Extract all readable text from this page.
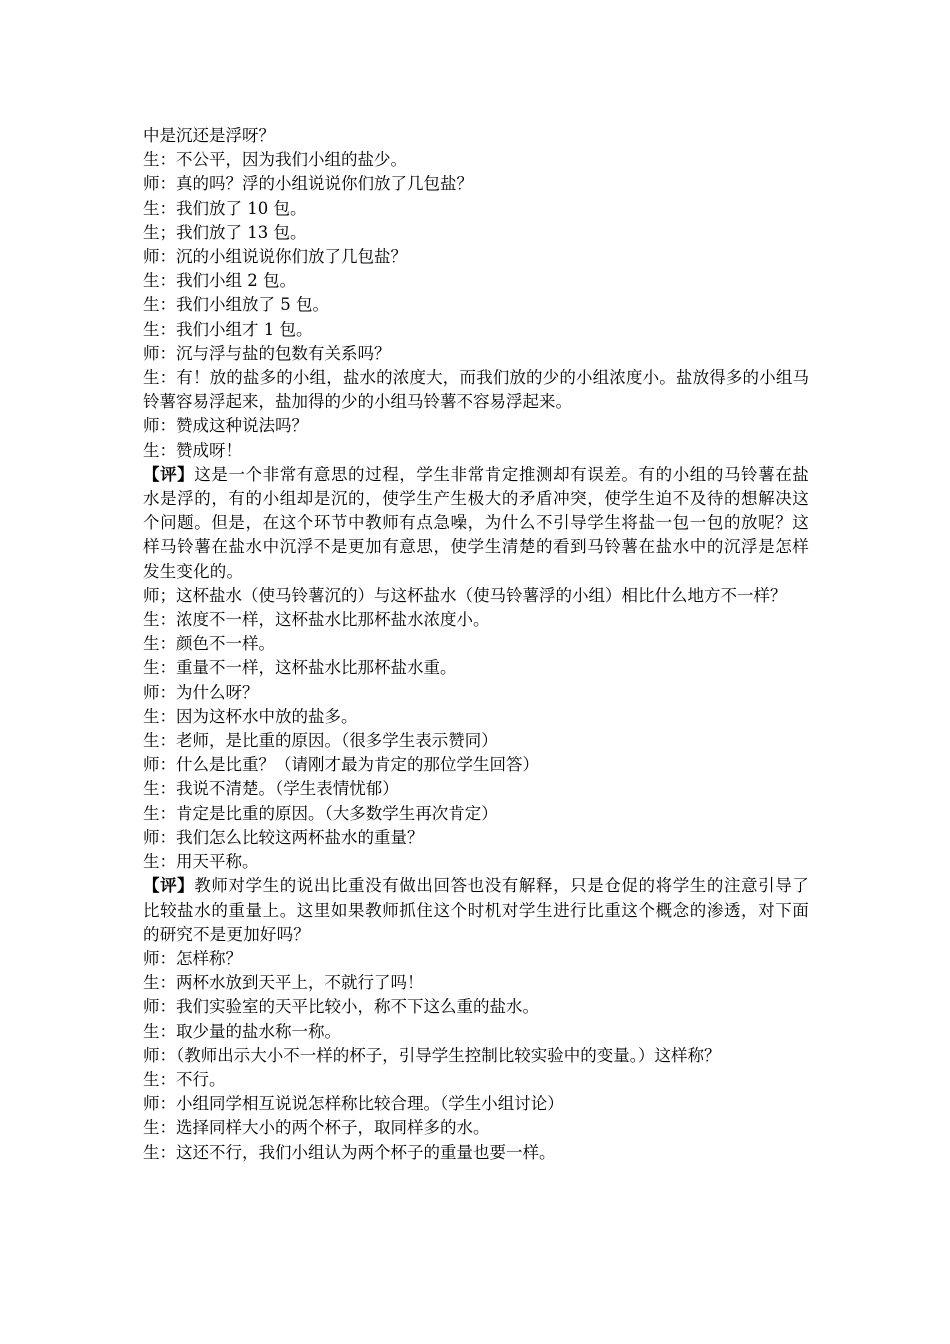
中是沉还是浮呀？

生：不公平，因为我们小组的盐少。

师：真的吗？浮的小组说说你们放了几包盐？

生：我们放了 10 包。

生；我们放了 13 包。

师：沉的小组说说你们放了几包盐？

生：我们小组 2 包。

生：我们小组放了 5 包。

生：我们小组才 1 包。

师：沉与浮与盐的包数有关系吗？

生：有！放的盐多的小组，盐水的浓度大，而我们放的少的小组浓度小。盐放得多的小组马铃薯容易浮起来，盐加得的少的小组马铃薯不容易浮起来。

师：赞成这种说法吗？

生：赞成呀！

【评】这是一个非常有意思的过程，学生非常肯定推测却有误差。有的小组的马铃薯在盐水是浮的，有的小组却是沉的，使学生产生极大的矛盾冲突，使学生迫不及待的想解决这个问题。但是，在这个环节中教师有点急噪，为什么不引导学生将盐一包一包的放呢？这样马铃薯在盐水中沉浮不是更加有意思，使学生清楚的看到马铃薯在盐水中的沉浮是怎样发生变化的。

师；这杯盐水（使马铃薯沉的）与这杯盐水（使马铃薯浮的小组）相比什么地方不一样？

生：浓度不一样，这杯盐水比那杯盐水浓度小。

生：颜色不一样。

生：重量不一样，这杯盐水比那杯盐水重。

师：为什么呀？

生：因为这杯水中放的盐多。

生：老师，是比重的原因。（很多学生表示赞同）

师：什么是比重？（请刚才最为肯定的那位学生回答）

生：我说不清楚。（学生表情忧郁）

生：肯定是比重的原因。（大多数学生再次肯定）

师：我们怎么比较这两杯盐水的重量？

生：用天平称。

【评】教师对学生的说出比重没有做出回答也没有解释，只是仓促的将学生的注意引导了比较盐水的重量上。这里如果教师抓住这个时机对学生进行比重这个概念的渗透，对下面的研究不是更加好吗？

师：怎样称？

生：两杯水放到天平上，不就行了吗！

师：我们实验室的天平比较小，称不下这么重的盐水。

生：取少量的盐水称一称。

师：（教师出示大小不一样的杯子，引导学生控制比较实验中的变量。）这样称？

生：不行。

师：小组同学相互说说怎样称比较合理。（学生小组讨论）

生：选择同样大小的两个杯子，取同样多的水。

生：这还不行，我们小组认为两个杯子的重量也要一样。
